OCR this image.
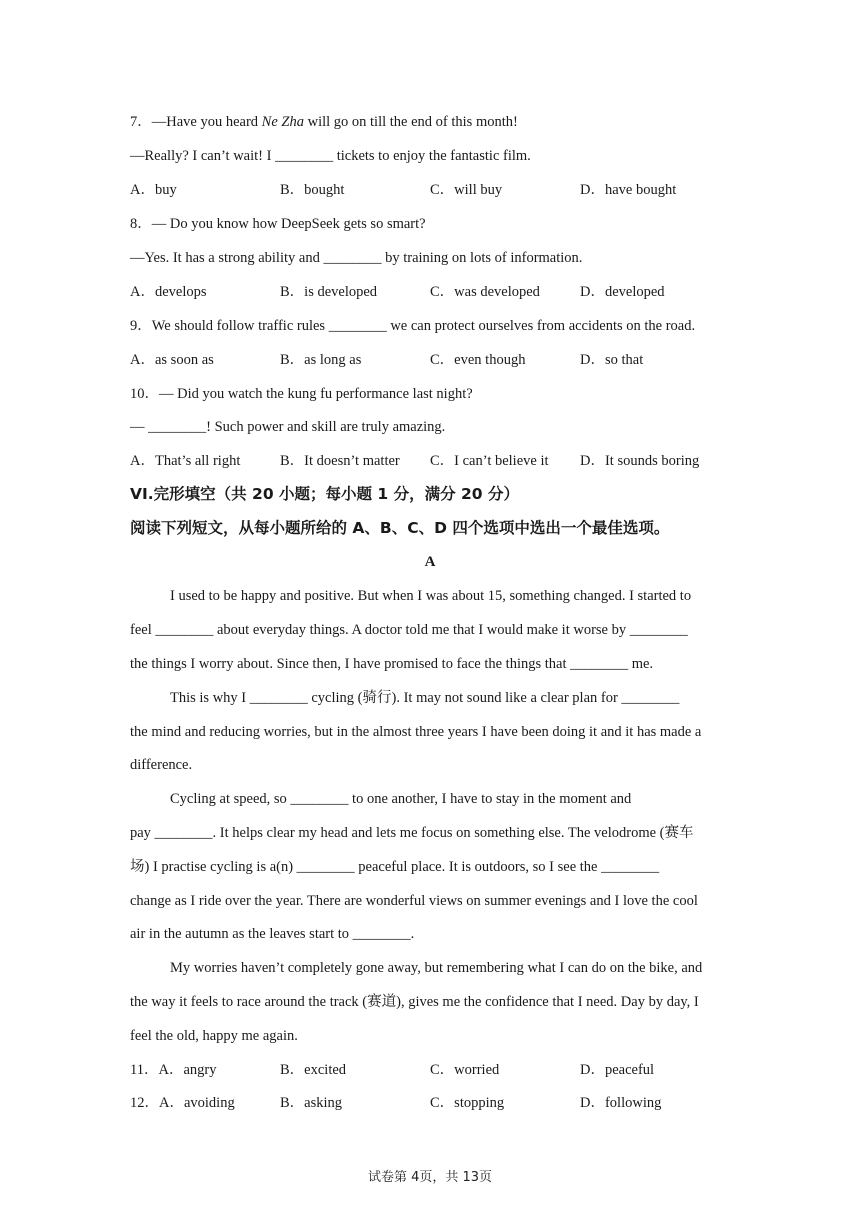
7．—Have you heard Ne Zha will go on till the end of this month!
—Really? I can’t wait! I ________ tickets to enjoy the fantastic film.
A．buy	B．bought	C．will buy	D．have bought
8．— Do you know how DeepSeek gets so smart?
—Yes. It has a strong ability and ________ by training on lots of information.
A．develops	B．is developed	C．was developed	D．developed
9．We should follow traffic rules ________ we can protect ourselves from accidents on the road.
A．as soon as	B．as long as	C．even though	D．so that
10．— Did you watch the kung fu performance last night?
— ________! Such power and skill are truly amazing.
A．That’s all right	B．It doesn’t matter C．I can’t believe it D．It sounds boring
VI.完形填空（共 20 小题；每小题 1 分，满分 20 分）
阅读下列短文，从每小题所给的 A、B、C、D 四个选项中选出一个最佳选项。
A
I used to be happy and positive. But when I was about 15, something changed. I started to
feel ________ about everyday things. A doctor told me that I would make it worse by ________
the things I worry about. Since then, I have promised to face the things that ________ me.
This is why I ________ cycling (骑行). It may not sound like a clear plan for ________
the mind and reducing worries, but in the almost three years I have been doing it and it has made a
difference.
Cycling at speed, so ________ to one another, I have to stay in the moment and
pay ________. It helps clear my head and lets me focus on something else. The velodrome (赛车
场) I practise cycling is a(n) ________ peaceful place. It is outdoors, so I see the ________
change as I ride over the year. There are wonderful views on summer evenings and I love the cool
air in the autumn as the leaves start to ________.
My worries haven’t completely gone away, but remembering what I can do on the bike, and
the way it feels to race around the track (赛道), gives me the confidence that I need. Day by day, I
feel the old, happy me again.
11．A．angry	B．excited	C．worried	D．peaceful
12．A．avoiding	B．asking	C．stopping	D．following
试卷第 4页，共 13页
